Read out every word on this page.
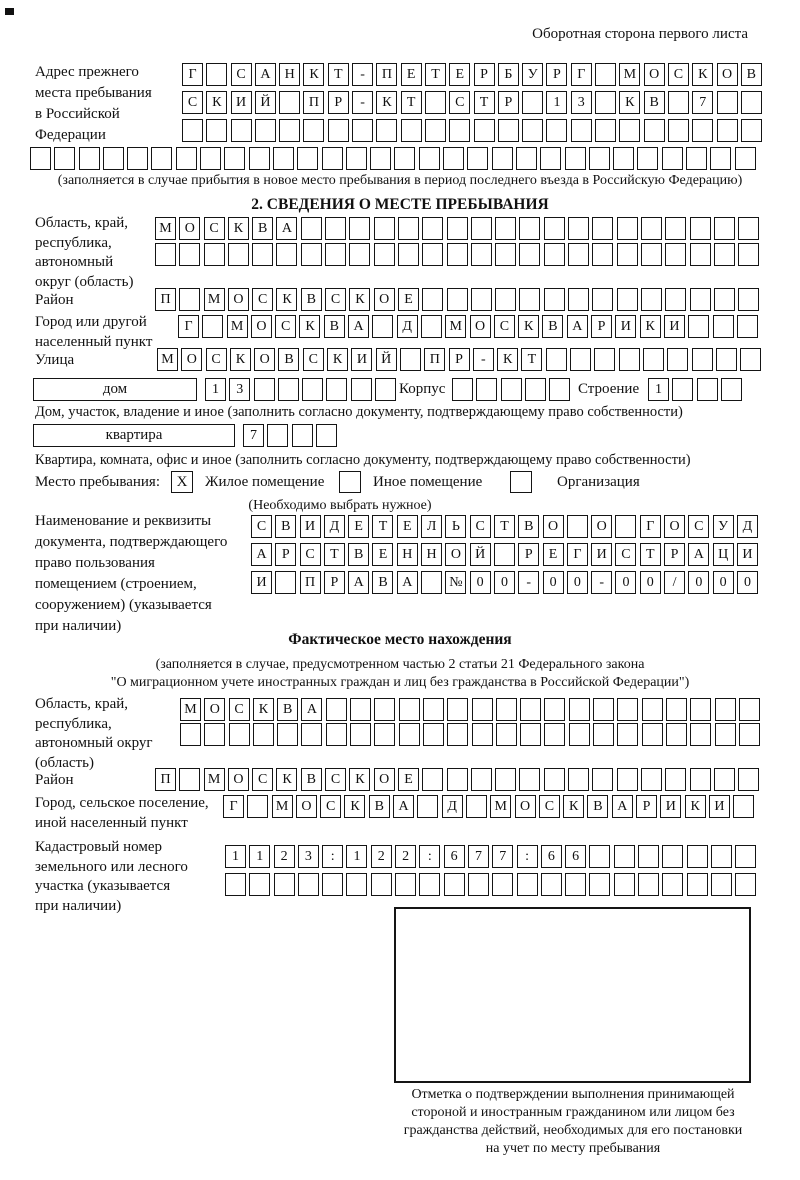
Оборотная сторона первого листа
Адрес прежнего
места пребывания
в Российской
Федерации
Г	С	А	Н	К	Т	-	П	Е	Т	Е	Р	Б	У	Р	Г	М О	С	К	О	В
С	К	И	Й	П	Р	-	К	Т	С	Т	Р	1	3	К	В	7
(заполняется в случае прибытия в новое место пребывания в период последнего въезда в Российскую Федерацию)
2. СВЕДЕНИЯ О МЕСТЕ ПРЕБЫВАНИЯ
Область, край,
республика,
автономный
округ (область)
М О	С	К	В	А
Район	П	М О	С	К	В	С	К	О	Е
Город или другой
населенный пункт
Г	М О	С	К	В	А	Д	М О	С	К	В	А	Р	И	К	И
Улица	М О	С	К	О	В	С	К	И	Й	П	Р	-	К	Т
дом	1	3	Корпус	Строение	1
Дом, участок, владение и иное (заполнить согласно документу, подтверждающему право собственности)
квартира	7
Квартира, комната, офис и иное (заполнить согласно документу, подтверждающему право собственности)
Место пребывания:	X	Жилое помещение	Иное помещение	Организация
(Необходимо выбрать нужное)
Наименование и реквизиты
документа, подтверждающего
право пользования
помещением (строением,
сооружением) (указывается
при наличии)
С	В	И	Д	Е	Т	Е	Л	Ь	С	Т	В	О	О	Г	О	С	У	Д
А	Р	С	Т	В	Е	Н	Н	О	Й	Р	Е	Г	И	С	Т	Р	А	Ц	И
И	П	Р	А	В	А	№	0	0	-	0	0	-	0	0	/	0	0	0
Фактическое место нахождения
(заполняется в случае, предусмотренном частью 2 статьи 21 Федерального закона
"О миграционном учете иностранных граждан и лиц без гражданства в Российской Федерации")
Область, край,
республика,
автономный округ
(область)
М О	С	К	В	А
Район	П	М О	С	К	В	С	К	О	Е
Город, сельское поселение,
иной населенный пункт
Г	М О	С	К	В	А	Д	М О	С	К	В	А	Р	И	К	И
Кадастровый номер
земельного или лесного
участка (указывается
при наличии)
1	1	2	3	:	1	2	2	:	6	7	7	:	6	6
Отметка о подтверждении выполнения принимающей
стороной и иностранным гражданином или лицом без
гражданства действий, необходимых для его постановки
на учет по месту пребывания
